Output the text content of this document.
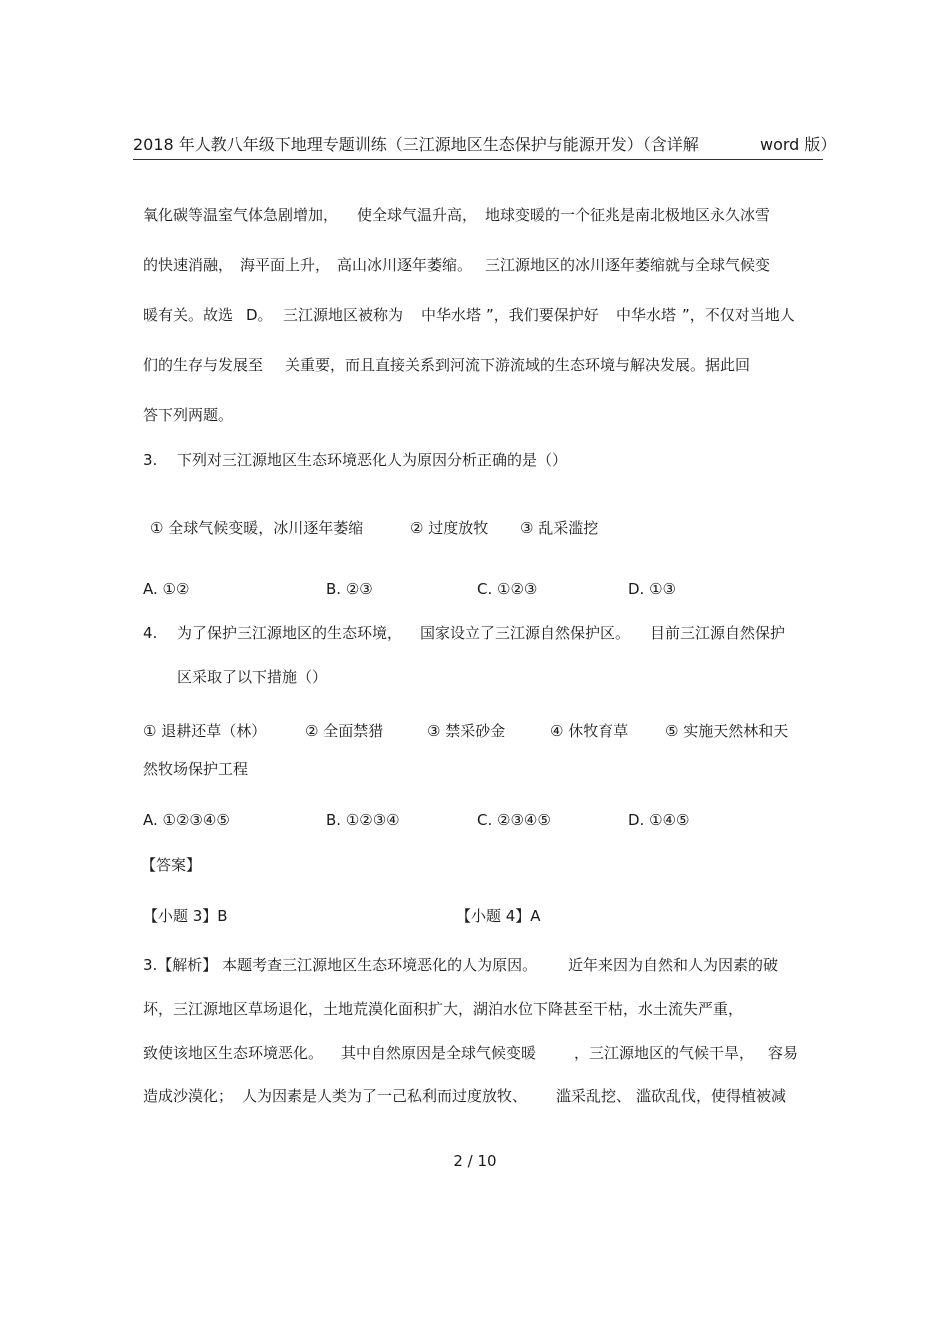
2018 年人教八年级下地理专题训练（三江源地区生态保护与能源开发）（含详解	word 版）
氧化碳等温室气体急剧增加， 使全球气温升高， 地球变暖的一个征兆是南北极地区永久冰雪
的快速消融， 海平面上升， 高山冰川逐年萎缩。 三江源地区的冰川逐年萎缩就与全球气候变
暖有关。故选 D。 三江源地区被称为 中华水塔 ”，我们要保护好 中华水塔 ”，不仅对当地人
们的生存与发展至 关重要，而且直接关系到河流下游流域的生态环境与解决发展。据此回
答下列两题。
3. 下列对三江源地区生态环境恶化人为原因分析正确的是（）
① 全球气候变暖，冰川逐年萎缩	② 过度放牧 ③ 乱采滥挖
A. ①②	B. ②③	C. ①②③	D. ①③
4. 为了保护三江源地区的生态环境， 国家设立了三江源自然保护区。 目前三江源自然保护
区采取了以下措施（）
① 退耕还草（林）	② 全面禁猎	③ 禁采砂金	④ 休牧育草 ⑤ 实施天然林和天
然牧场保护工程
A. ①②③④⑤	B. ①②③④	C. ②③④⑤	D. ①④⑤
【答案】
【小题 3】B	【小题 4】A
3.【解析】 本题考查三江源地区生态环境恶化的人为原因。 近年来因为自然和人为因素的破
坏，三江源地区草场退化，土地荒漠化面积扩大，湖泊水位下降甚至干枯，水土流失严重，
致使该地区生态环境恶化。 其中自然原因是全球气候变暖	，三江源地区的气候干旱， 容易
造成沙漠化； 人为因素是人类为了一己私利而过度放牧、 滥采乱挖、 滥砍乱伐，使得植被减
2 / 10
